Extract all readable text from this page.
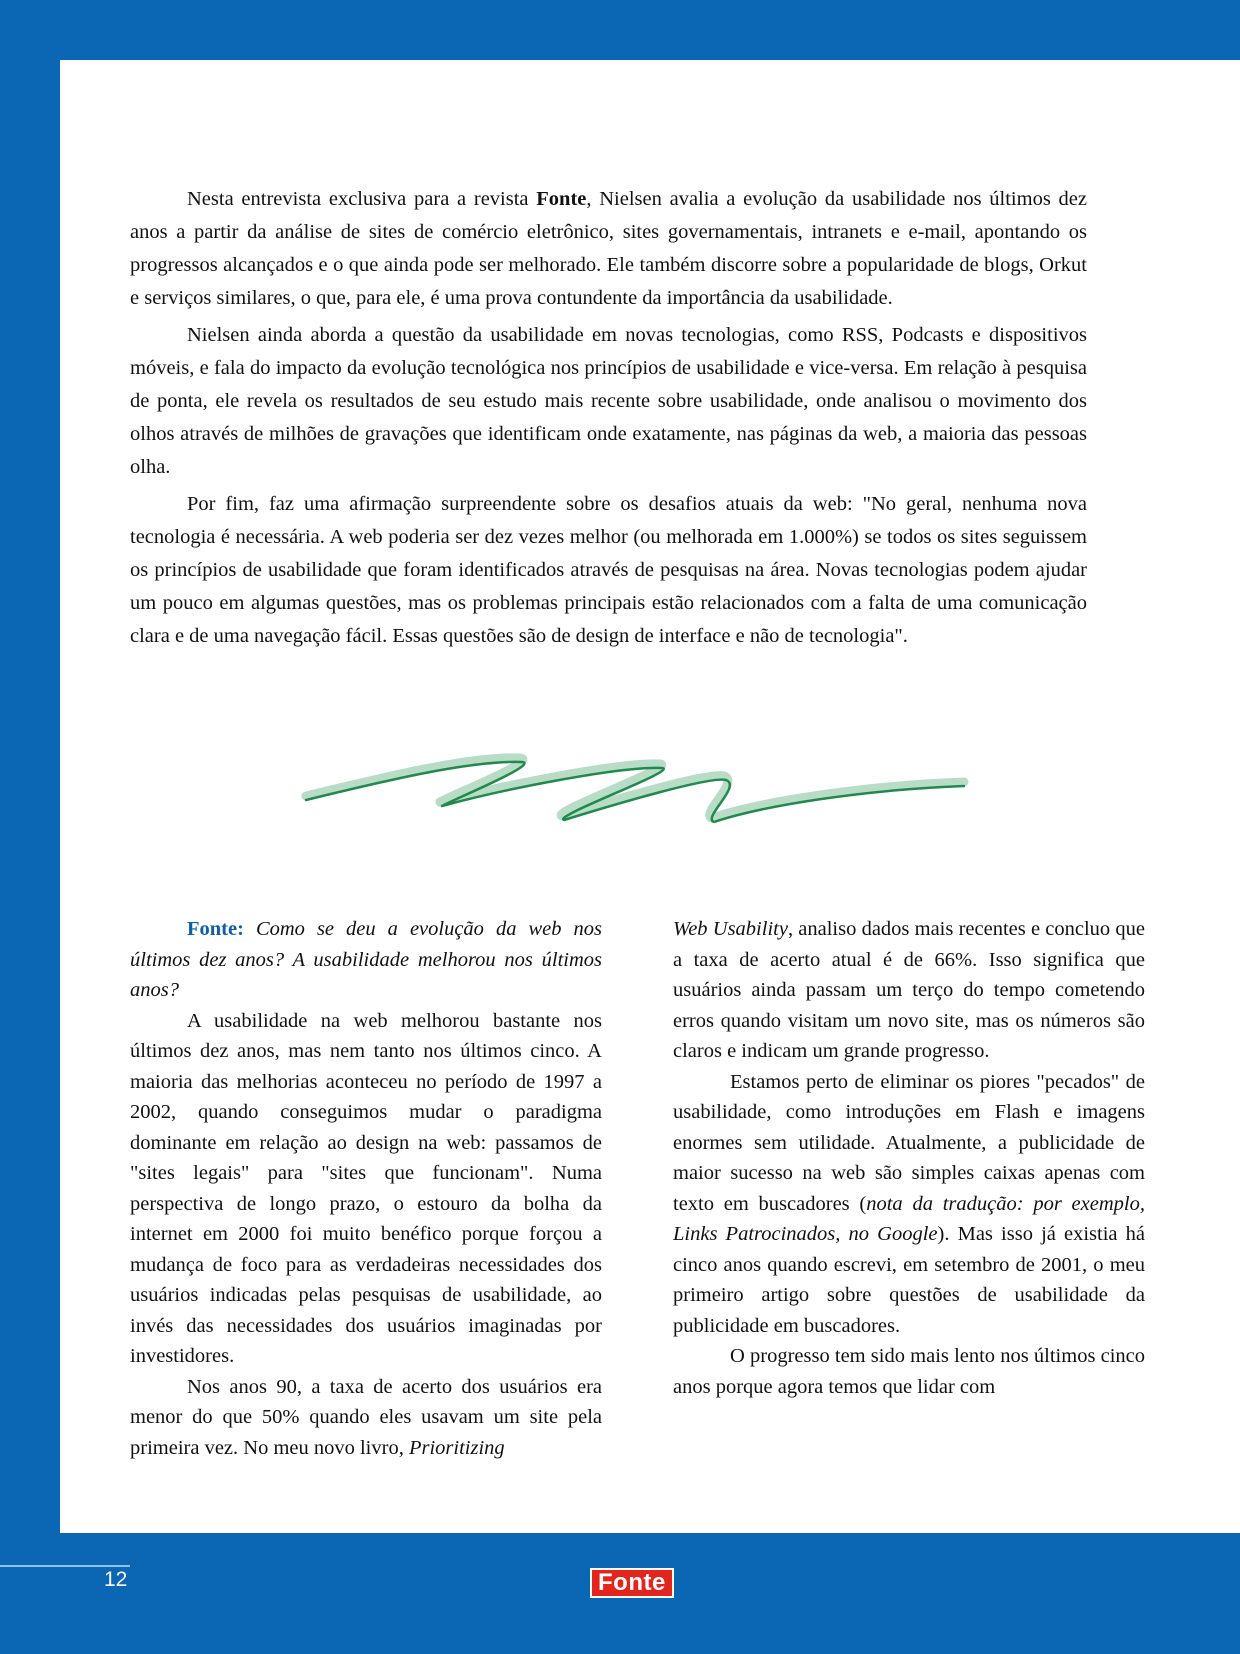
Nesta entrevista exclusiva para a revista Fonte, Nielsen avalia a evolução da usabilidade nos últimos dez anos a partir da análise de sites de comércio eletrônico, sites governamentais, intranets e e-mail, apontando os progressos alcançados e o que ainda pode ser melhorado. Ele também discorre sobre a popularidade de blogs, Orkut e serviços similares, o que, para ele, é uma prova contundente da importância da usabilidade.

Nielsen ainda aborda a questão da usabilidade em novas tecnologias, como RSS, Podcasts e dispositivos móveis, e fala do impacto da evolução tecnológica nos princípios de usabilidade e vice-versa. Em relação à pesquisa de ponta, ele revela os resultados de seu estudo mais recente sobre usabilidade, onde analisou o movimento dos olhos através de milhões de gravações que identificam onde exatamente, nas páginas da web, a maioria das pessoas olha.

Por fim, faz uma afirmação surpreendente sobre os desafios atuais da web: "No geral, nenhuma nova tecnologia é necessária. A web poderia ser dez vezes melhor (ou melhorada em 1.000%) se todos os sites seguissem os princípios de usabilidade que foram identificados através de pesquisas na área. Novas tecnologias podem ajudar um pouco em algumas questões, mas os problemas principais estão relacionados com a falta de uma comunicação clara e de uma navegação fácil. Essas questões são de design de interface e não de tecnologia".

Fonte: Como se deu a evolução da web nos últimos dez anos? A usabilidade melhorou nos últimos anos?

A usabilidade na web melhorou bastante nos últimos dez anos, mas nem tanto nos últimos cinco. A maioria das melhorias aconteceu no período de 1997 a 2002, quando conseguimos mudar o paradigma dominante em relação ao design na web: passamos de "sites legais" para "sites que funcionam". Numa perspectiva de longo prazo, o estouro da bolha da internet em 2000 foi muito benéfico porque forçou a mudança de foco para as verdadeiras necessidades dos usuários indicadas pelas pesquisas de usabilidade, ao invés das necessidades dos usuários imaginadas por investidores.

Nos anos 90, a taxa de acerto dos usuários era menor do que 50% quando eles usavam um site pela primeira vez. No meu novo livro, Prioritizing

Web Usability, analiso dados mais recentes e concluo que a taxa de acerto atual é de 66%. Isso significa que usuários ainda passam um terço do tempo cometendo erros quando visitam um novo site, mas os números são claros e indicam um grande progresso.

Estamos perto de eliminar os piores "pecados" de usabilidade, como introduções em Flash e imagens enormes sem utilidade. Atualmente, a publicidade de maior sucesso na web são simples caixas apenas com texto em buscadores (nota da tradução: por exemplo, Links Patrocinados, no Google). Mas isso já existia há cinco anos quando escrevi, em setembro de 2001, o meu primeiro artigo sobre questões de usabilidade da publicidade em buscadores.

O progresso tem sido mais lento nos últimos cinco anos porque agora temos que lidar com

12	Fonte
